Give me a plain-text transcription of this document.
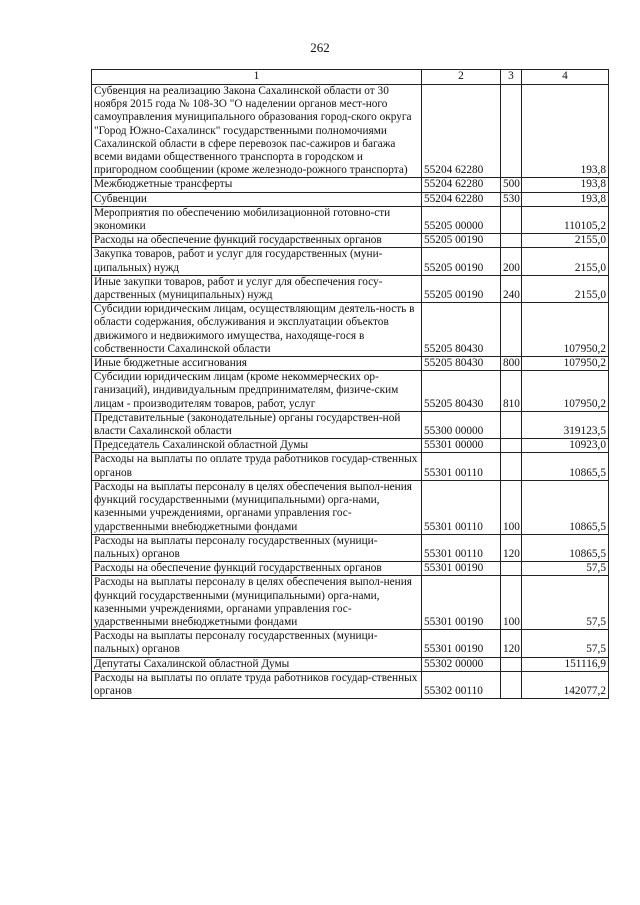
262
1	2	3	4
Субвенция на реализацию Закона Сахалинской области от 30 ноября 2015 года № 108-ЗО "О наделении органов мест-ного самоуправления муниципального образования город-ского округа "Город Южно-Сахалинск" государственными полномочиями Сахалинской области в сфере перевозок пас-сажиров и багажа всеми видами общественного транспорта в городском и пригородном сообщении (кроме железнодо-рожного транспорта)	55204 62280		193,8
Межбюджетные трансферты	55204 62280	500	193,8
Субвенции	55204 62280	530	193,8
Мероприятия по обеспечению мобилизационной готовно-сти экономики	55205 00000		110105,2
Расходы на обеспечение функций государственных органов	55205 00190		2155,0
Закупка товаров, работ и услуг для государственных (муни-ципальных) нужд	55205 00190	200	2155,0
Иные закупки товаров, работ и услуг для обеспечения госу-дарственных (муниципальных) нужд	55205 00190	240	2155,0
Субсидии юридическим лицам, осуществляющим деятель-ность в области содержания, обслуживания и эксплуатации объектов движимого и недвижимого имущества, находяще-гося в собственности Сахалинской области	55205 80430		107950,2
Иные бюджетные ассигнования	55205 80430	800	107950,2
Субсидии юридическим лицам (кроме некоммерческих ор-ганизаций), индивидуальным предпринимателям, физиче-ским лицам - производителям товаров, работ, услуг	55205 80430	810	107950,2
Представительные (законодательные) органы государствен-ной власти Сахалинской области	55300 00000		319123,5
Председатель Сахалинской областной Думы	55301 00000		10923,0
Расходы на выплаты по оплате труда работников государ-ственных органов	55301 00110		10865,5
Расходы на выплаты персоналу в целях обеспечения выпол-нения функций государственными (муниципальными) орга-нами, казенными учреждениями, органами управления гос-ударственными внебюджетными фондами	55301 00110	100	10865,5
Расходы на выплаты персоналу государственных (муници-пальных) органов	55301 00110	120	10865,5
Расходы на обеспечение функций государственных органов	55301 00190		57,5
Расходы на выплаты персоналу в целях обеспечения выпол-нения функций государственными (муниципальными) орга-нами, казенными учреждениями, органами управления гос-ударственными внебюджетными фондами	55301 00190	100	57,5
Расходы на выплаты персоналу государственных (муници-пальных) органов	55301 00190	120	57,5
Депутаты Сахалинской областной Думы	55302 00000		151116,9
Расходы на выплаты по оплате труда работников государ-ственных органов	55302 00110		142077,2
